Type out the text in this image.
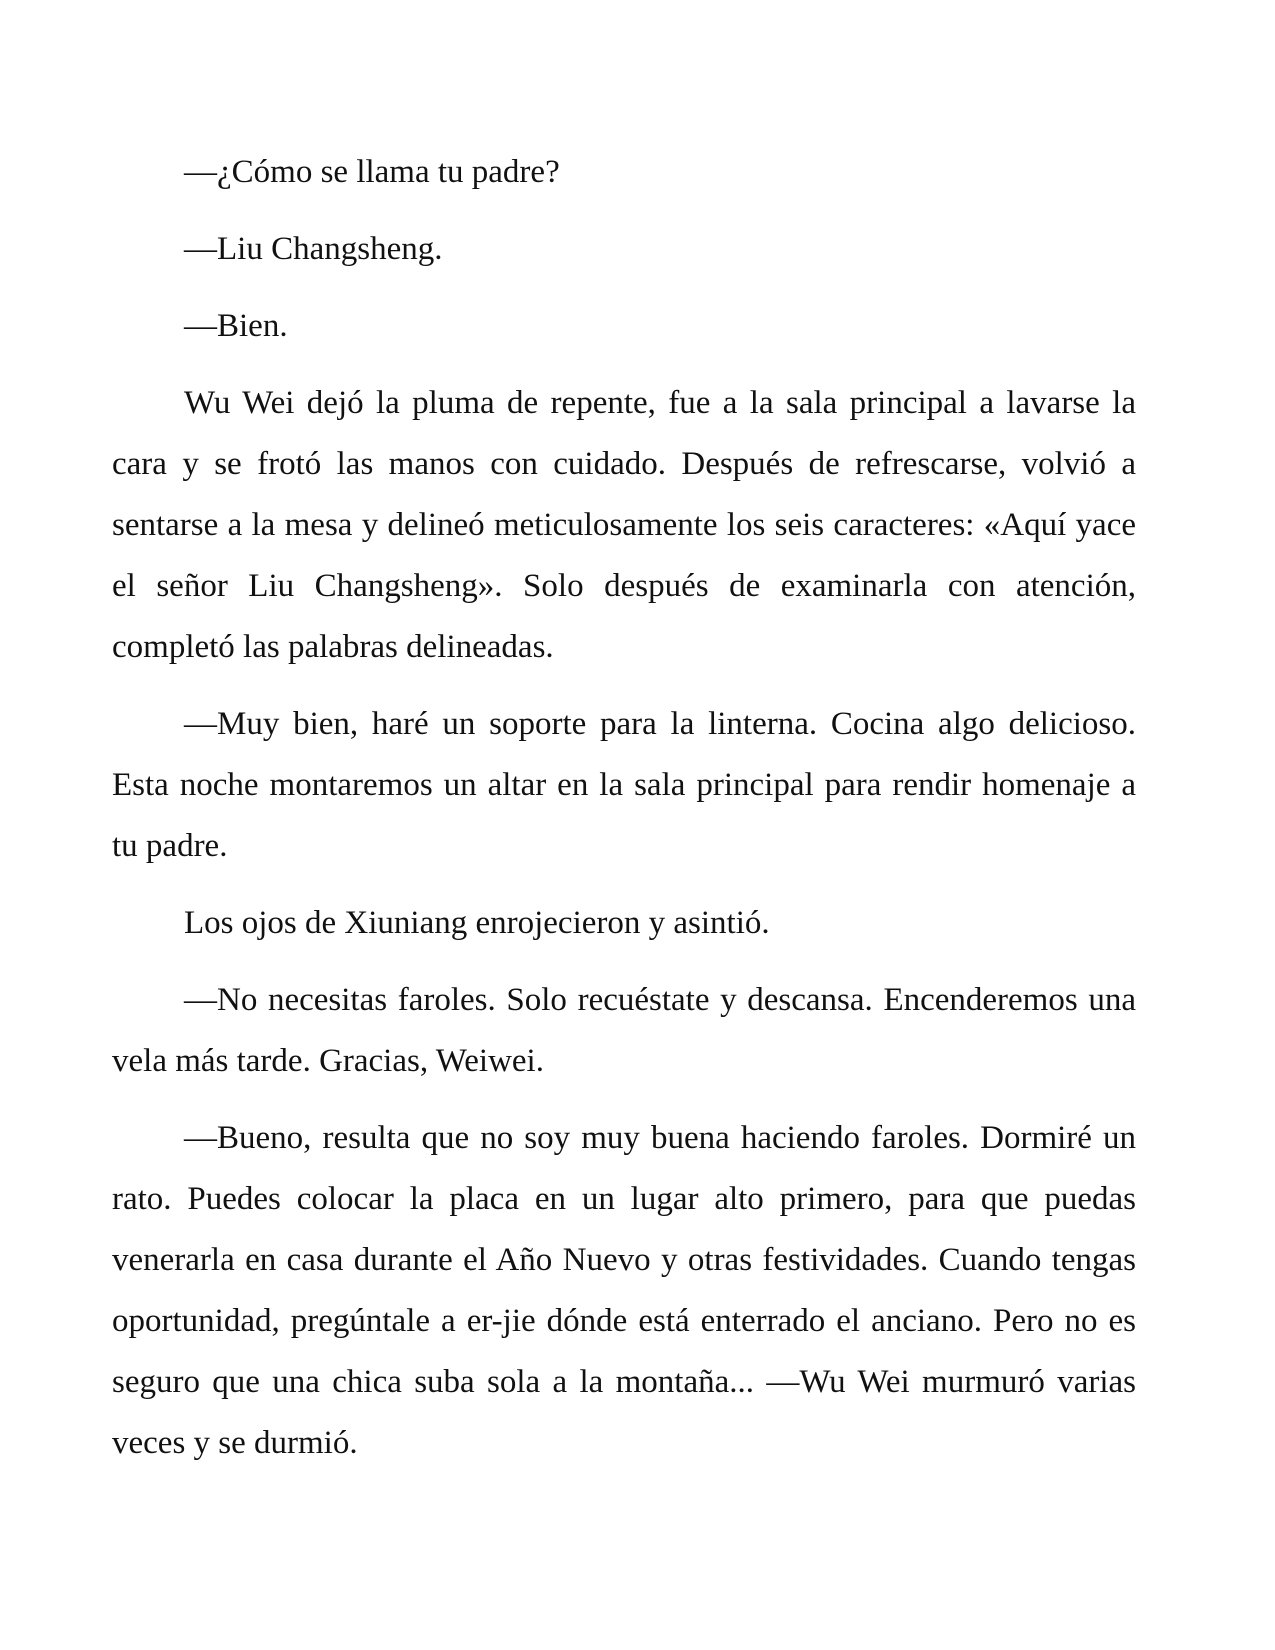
—¿Cómo se llama tu padre?

—Liu Changsheng.

—Bien.

Wu Wei dejó la pluma de repente, fue a la sala principal a lavarse la cara y se frotó las manos con cuidado. Después de refrescarse, volvió a sentarse a la mesa y delineó meticulosamente los seis caracteres: «Aquí yace el señor Liu Changsheng». Solo después de examinarla con atención, completó las palabras delineadas.

—Muy bien, haré un soporte para la linterna. Cocina algo delicioso. Esta noche montaremos un altar en la sala principal para rendir homenaje a tu padre.

Los ojos de Xiuniang enrojecieron y asintió.

—No necesitas faroles. Solo recuéstate y descansa. Encenderemos una vela más tarde. Gracias, Weiwei.

—Bueno, resulta que no soy muy buena haciendo faroles. Dormiré un rato. Puedes colocar la placa en un lugar alto primero, para que puedas venerarla en casa durante el Año Nuevo y otras festividades. Cuando tengas oportunidad, pregúntale a er-jie dónde está enterrado el anciano. Pero no es seguro que una chica suba sola a la montaña... —Wu Wei murmuró varias veces y se durmió.
